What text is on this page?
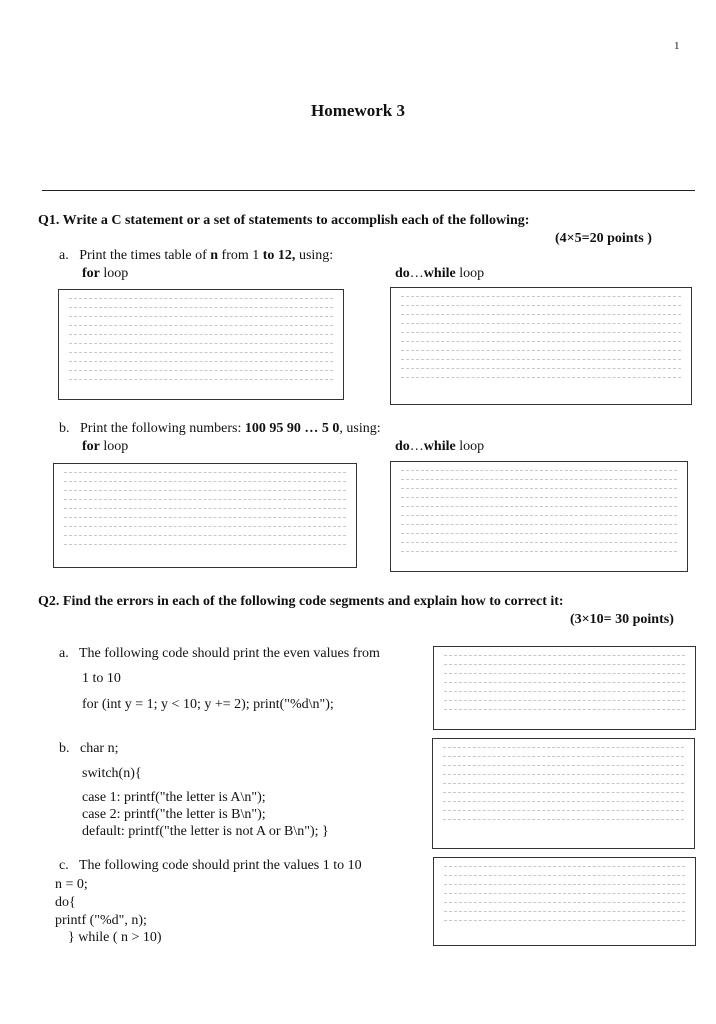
1
Homework 3
Q1. Write a C statement or a set of statements to accomplish each of the following:
(4×5=20 points )
a. Print the times table of n from 1 to 12, using:
for loop	do…while loop
b. Print the following numbers: 100 95 90 … 5 0, using:
for loop	do…while loop
Q2. Find the errors in each of the following code segments and explain how to correct it:
(3×10= 30 points)
a. The following code should print the even values from
1 to 10
for (int y = 1; y < 10; y += 2); print("%d\n");
b. char n;
switch(n){
case 1: printf("the letter is A\n");
case 2: printf("the letter is B\n");
default: printf("the letter is not A or B\n"); }
c. The following code should print the values 1 to 10
n = 0;
do{
printf ("%d", n);
} while ( n > 10)
